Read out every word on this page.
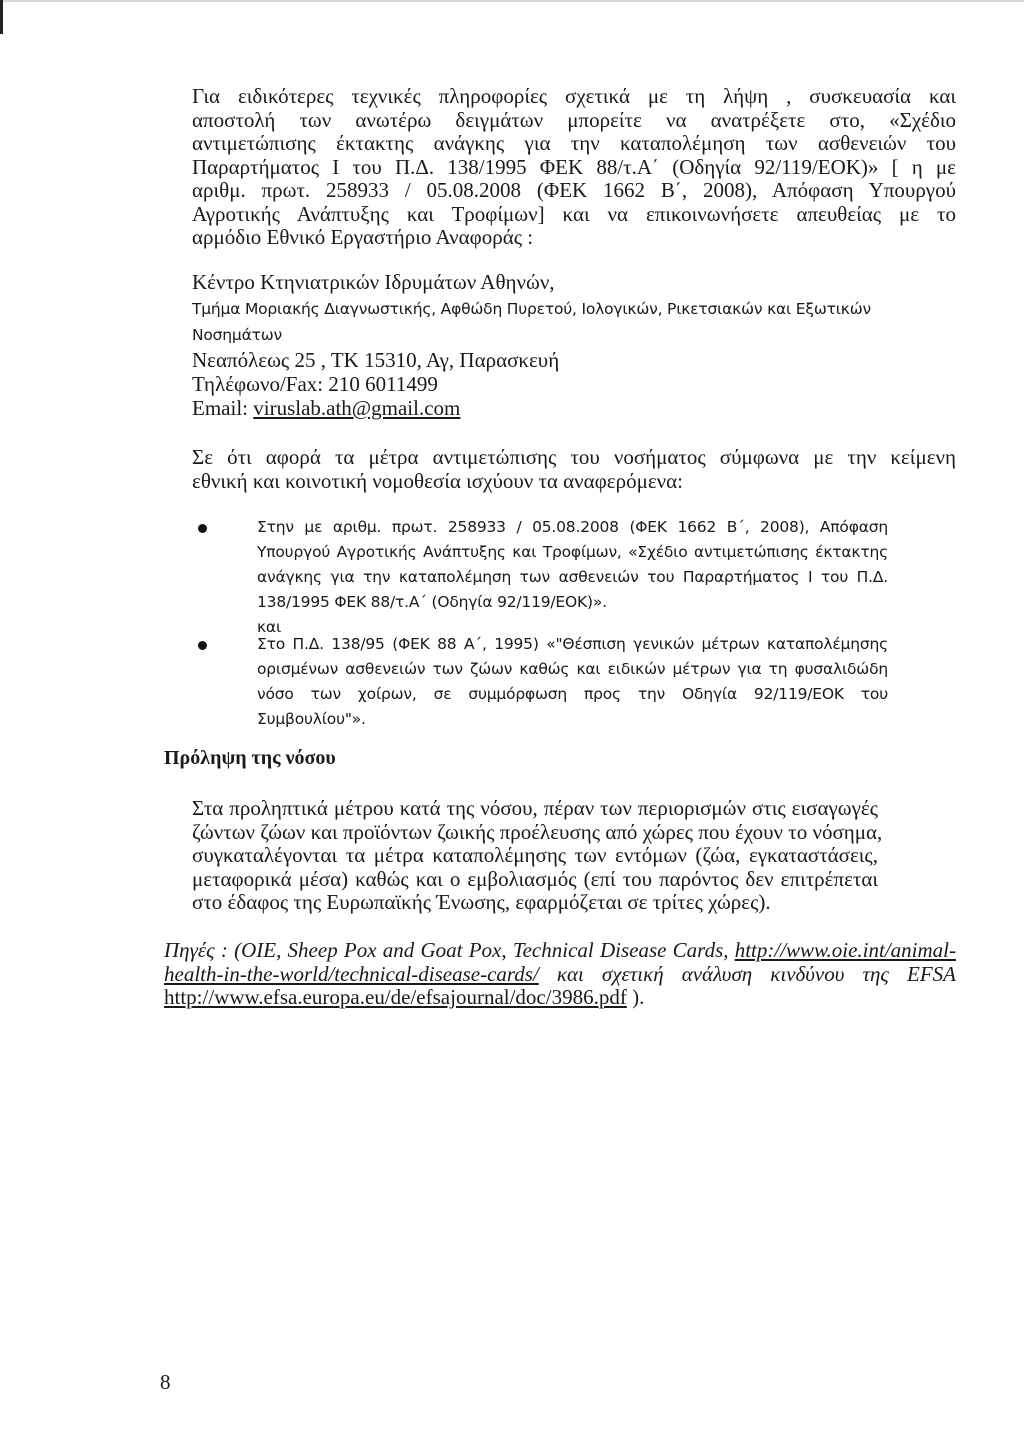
Για ειδικότερες τεχνικές πληροφορίες σχετικά με τη λήψη , συσκευασία και
αποστολή των ανωτέρω δειγμάτων μπορείτε να ανατρέξετε στο, «Σχέδιο
αντιμετώπισης έκτακτης ανάγκης για την καταπολέμηση των ασθενειών του
Παραρτήματος Ι του Π.Δ. 138/1995 ΦΕΚ 88/τ.Α΄ (Οδηγία 92/119/ΕΟΚ)» [ η με
αριθμ. πρωτ. 258933 / 05.08.2008 (ΦΕΚ 1662 Β΄, 2008), Απόφαση Υπουργού
Αγροτικής Ανάπτυξης και Τροφίμων] και να επικοινωνήσετε απευθείας με το
αρμόδιο Εθνικό Εργαστήριο Αναφοράς :
Κέντρο Κτηνιατρικών Ιδρυμάτων Αθηνών,
Τμήμα Μοριακής Διαγνωστικής, Αφθώδη Πυρετού, Ιολογικών, Ρικετσιακών και Εξωτικών
Νοσημάτων
Νεαπόλεως 25 , ΤΚ 15310, Αγ, Παρασκευή
Τηλέφωνο/Fax: 210 6011499
Email: viruslab.ath@gmail.com
Σε ότι αφορά τα μέτρα αντιμετώπισης του νοσήματος σύμφωνα με την κείμενη
εθνική και κοινοτική νομοθεσία ισχύουν τα αναφερόμενα:
Στην με αριθμ. πρωτ. 258933 / 05.08.2008 (ΦΕΚ 1662 Β΄, 2008), Απόφαση
Υπουργού Αγροτικής Ανάπτυξης και Τροφίμων, «Σχέδιο αντιμετώπισης έκτακτης
ανάγκης για την καταπολέμηση των ασθενειών του Παραρτήματος Ι του Π.Δ.
138/1995 ΦΕΚ 88/τ.Α΄ (Οδηγία 92/119/ΕΟΚ)».
και
Στο Π.Δ. 138/95 (ΦΕΚ 88 Α΄, 1995) «"Θέσπιση γενικών μέτρων καταπολέμησης
ορισμένων ασθενειών των ζώων καθώς και ειδικών μέτρων για τη φυσαλιδώδη
νόσο των χοίρων, σε συμμόρφωση προς την Οδηγία 92/119/ΕΟΚ του
Συμβουλίου"».
Πρόληψη της νόσου
Στα προληπτικά μέτρου κατά της νόσου, πέραν των περιορισμών στις εισαγωγές
ζώντων ζώων και προϊόντων ζωικής προέλευσης από χώρες που έχουν το νόσημα,
συγκαταλέγονται τα μέτρα καταπολέμησης των εντόμων (ζώα, εγκαταστάσεις,
μεταφορικά μέσα) καθώς και ο εμβολιασμός (επί του παρόντος δεν επιτρέπεται
στο έδαφος της Ευρωπαϊκής Ένωσης, εφαρμόζεται σε τρίτες χώρες).
Πηγές : (OIE, Sheep Pox and Goat Pox, Technical Disease Cards, http://www.oie.int/animal-
health-in-the-world/technical-disease-cards/ και σχετική ανάλυση κινδύνου της EFSA
http://www.efsa.europa.eu/de/efsajournal/doc/3986.pdf ).
8
